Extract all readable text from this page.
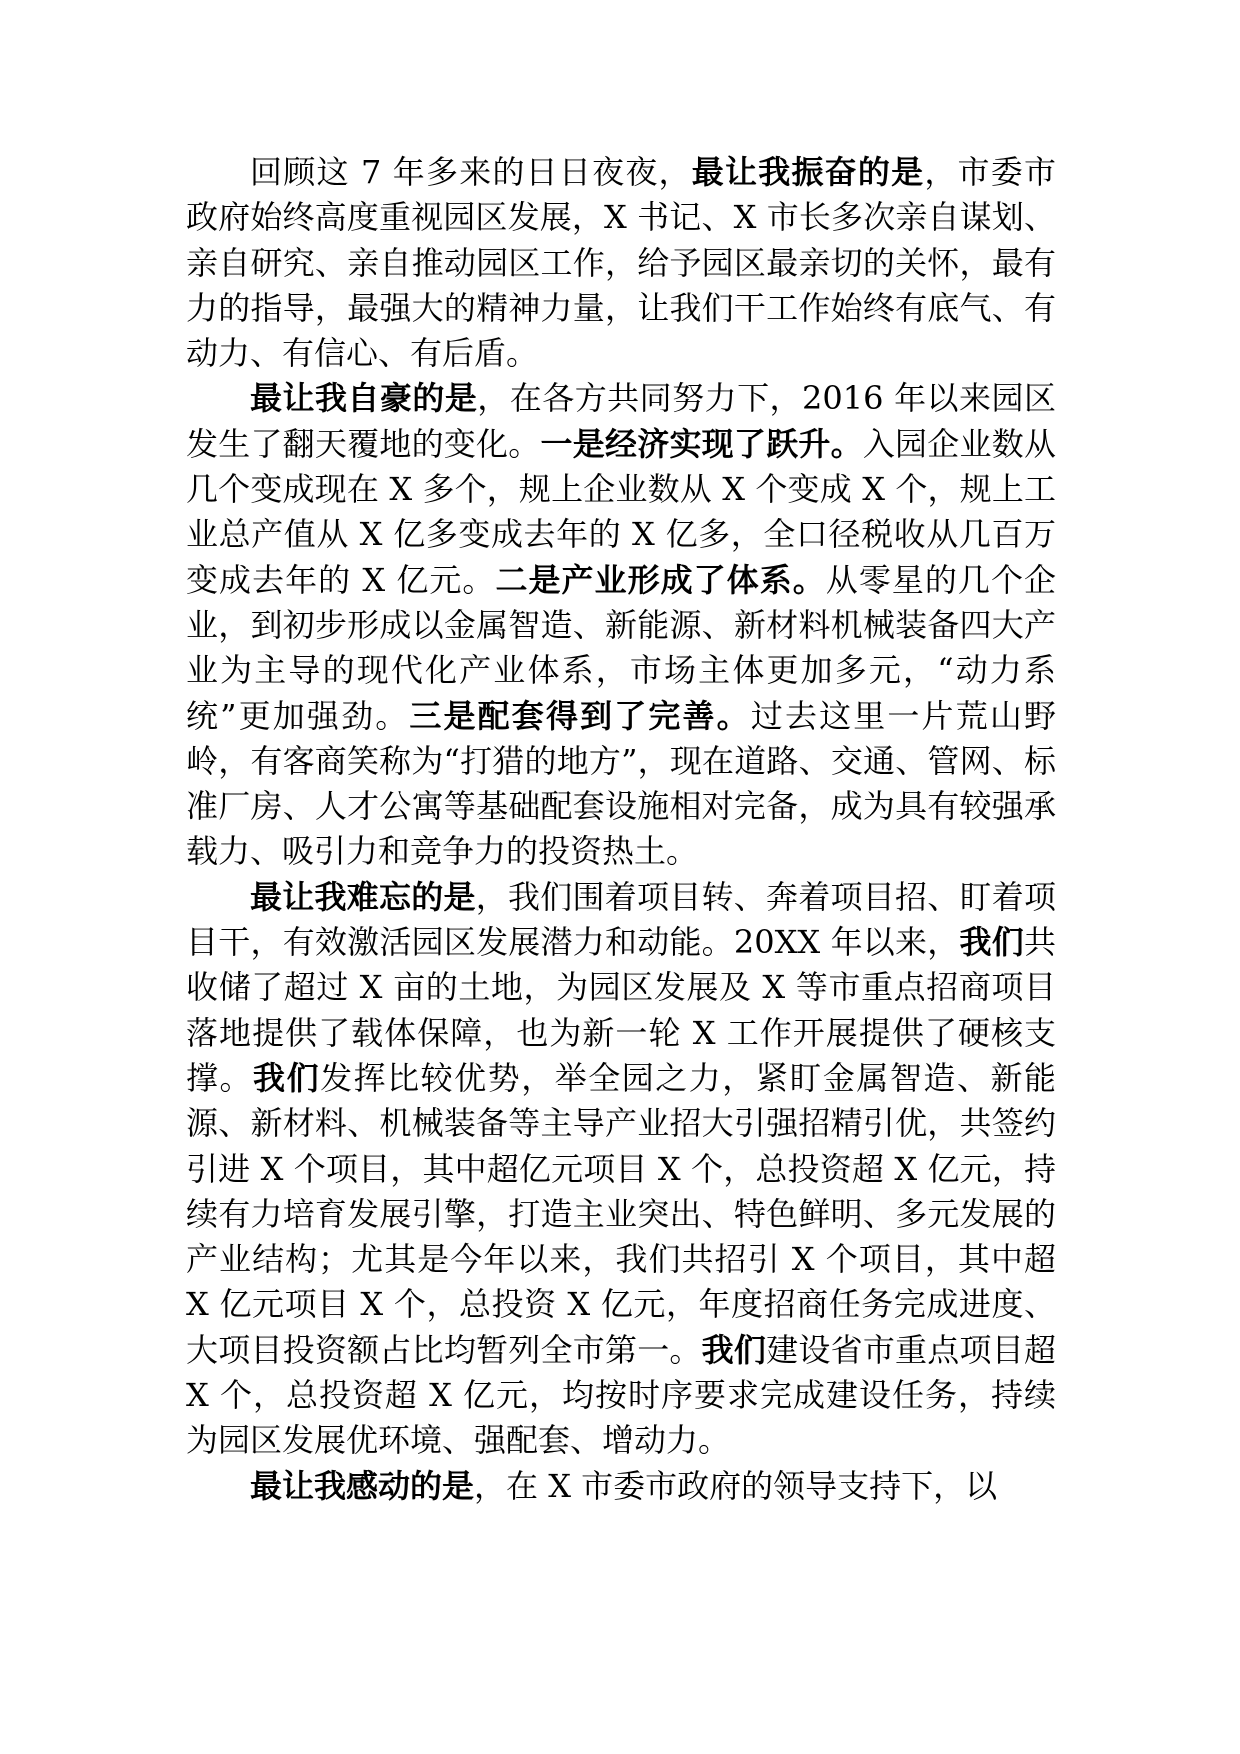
回顾这 7 年多来的日日夜夜，最让我振奋的是，市委市政府始终高度重视园区发展，X 书记、X 市长多次亲自谋划、亲自研究、亲自推动园区工作，给予园区最亲切的关怀，最有力的指导，最强大的精神力量，让我们干工作始终有底气、有动力、有信心、有后盾。

最让我自豪的是，在各方共同努力下，2016 年以来园区发生了翻天覆地的变化。一是经济实现了跃升。入园企业数从几个变成现在 X 多个，规上企业数从 X 个变成 X 个，规上工业总产值从 X 亿多变成去年的 X 亿多，全口径税收从几百万变成去年的 X 亿元。二是产业形成了体系。从零星的几个企业，到初步形成以金属智造、新能源、新材料机械装备四大产业为主导的现代化产业体系，市场主体更加多元，“动力系统”更加强劲。三是配套得到了完善。过去这里一片荒山野岭，有客商笑称为“打猎的地方”，现在道路、交通、管网、标准厂房、人才公寓等基础配套设施相对完备，成为具有较强承载力、吸引力和竞争力的投资热土。

最让我难忘的是，我们围着项目转、奔着项目招、盯着项目干，有效激活园区发展潜力和动能。20XX 年以来，我们共收储了超过 X 亩的土地，为园区发展及 X 等市重点招商项目落地提供了载体保障，也为新一轮 X 工作开展提供了硬核支撑。我们发挥比较优势，举全园之力，紧盯金属智造、新能源、新材料、机械装备等主导产业招大引强招精引优，共签约引进 X 个项目，其中超亿元项目 X 个，总投资超 X 亿元，持续有力培育发展引擎，打造主业突出、特色鲜明、多元发展的产业结构；尤其是今年以来，我们共招引 X 个项目，其中超 X 亿元项目 X 个，总投资 X 亿元，年度招商任务完成进度、大项目投资额占比均暂列全市第一。我们建设省市重点项目超 X 个，总投资超 X 亿元，均按时序要求完成建设任务，持续为园区发展优环境、强配套、增动力。

最让我感动的是，在 X 市委市政府的领导支持下，以
